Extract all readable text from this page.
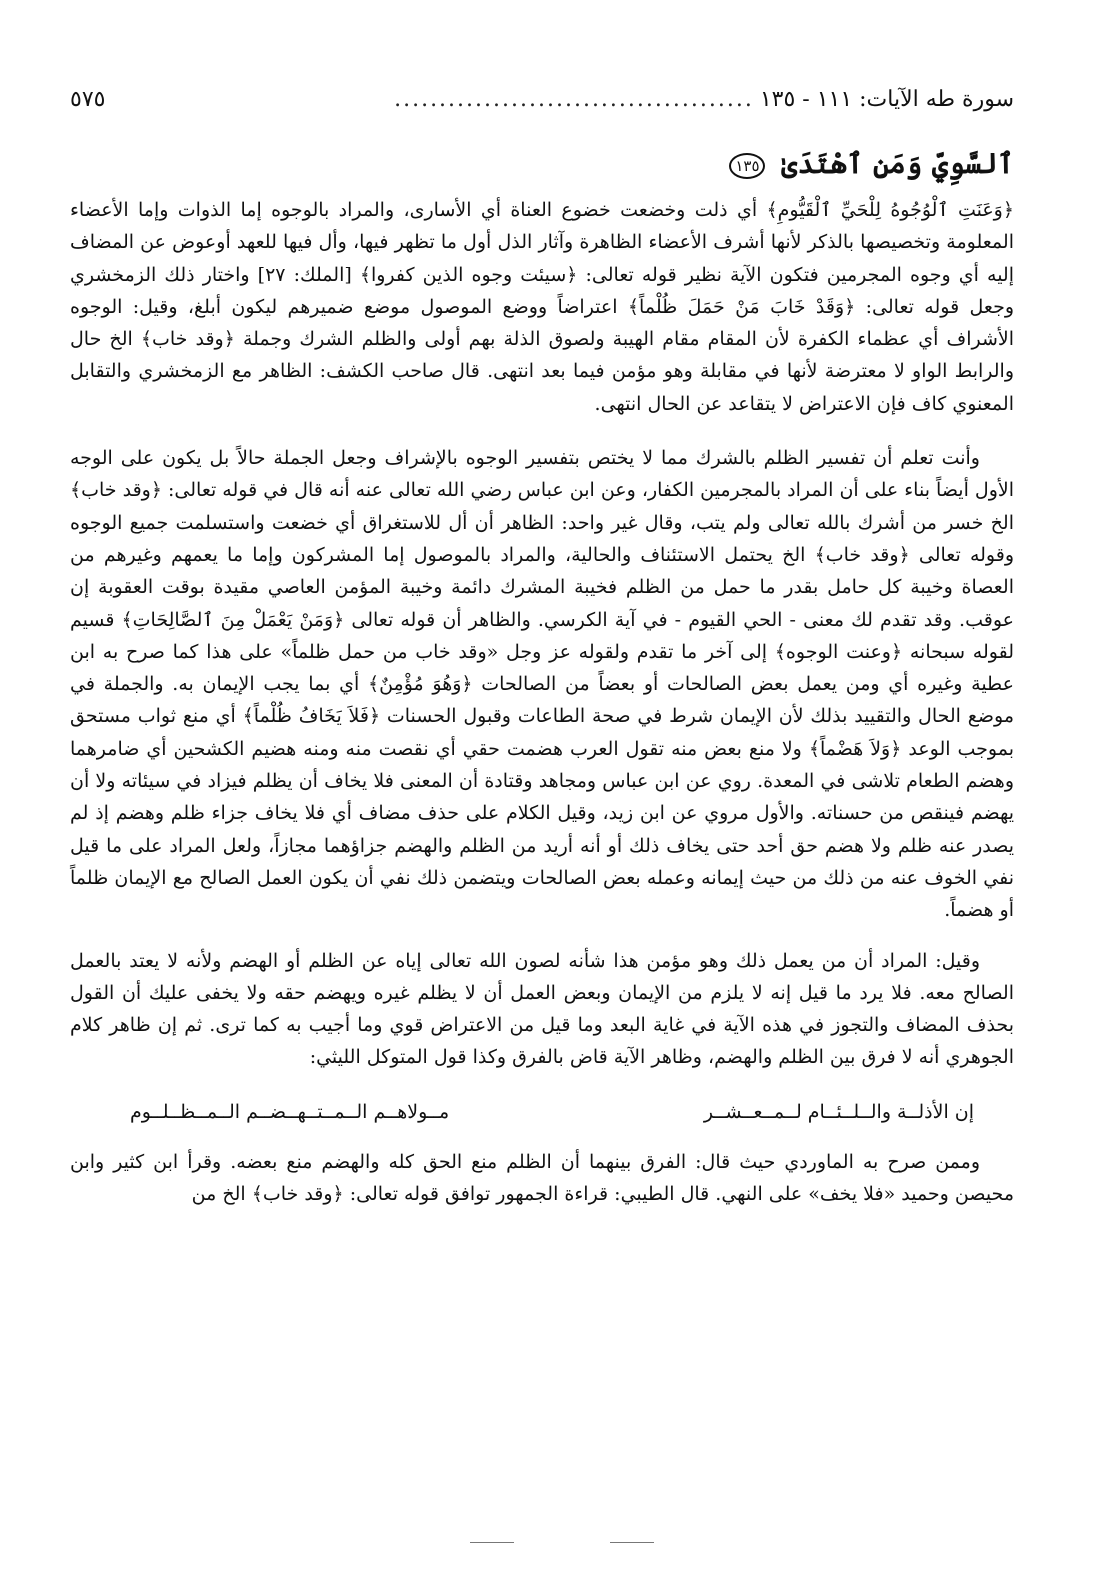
سورة طه الآيات: ١١١ - ١٣٥
........................................
٥٧٥
ٱلسَّوِيِّ وَمَنِ ٱهْتَدَىٰ ١٣٥

﴿وَعَنَتِ ٱلْوُجُوهُ لِلْحَيِّ ٱلْقَيُّومِ﴾ أي ذلت وخضعت خضوع العناة أي الأسارى، والمراد بالوجوه إما الذوات وإما الأعضاء المعلومة وتخصيصها بالذكر لأنها أشرف الأعضاء الظاهرة وآثار الذل أول ما تظهر فيها، وأل فيها للعهد أوعوض عن المضاف إليه أي وجوه المجرمين فتكون الآية نظير قوله تعالى: ﴿سيئت وجوه الذين كفروا﴾ [الملك: ٢٧] واختار ذلك الزمخشري وجعل قوله تعالى: ﴿وَقَدْ خَابَ مَنْ حَمَلَ ظُلْماً﴾ اعتراضاً ووضع الموصول موضع ضميرهم ليكون أبلغ، وقيل: الوجوه الأشراف أي عظماء الكفرة لأن المقام مقام الهيبة ولصوق الذلة بهم أولى والظلم الشرك وجملة ﴿وقد خاب﴾ الخ حال والرابط الواو لا معترضة لأنها في مقابلة وهو مؤمن فيما بعد انتهى. قال صاحب الكشف: الظاهر مع الزمخشري والتقابل المعنوي كاف فإن الاعتراض لا يتقاعد عن الحال انتهى.

وأنت تعلم أن تفسير الظلم بالشرك مما لا يختص بتفسير الوجوه بالإشراف وجعل الجملة حالاً بل يكون على الوجه الأول أيضاً بناء على أن المراد بالمجرمين الكفار، وعن ابن عباس رضي الله تعالى عنه أنه قال في قوله تعالى: ﴿وقد خاب﴾ الخ خسر من أشرك بالله تعالى ولم يتب، وقال غير واحد: الظاهر أن أل للاستغراق أي خضعت واستسلمت جميع الوجوه وقوله تعالى ﴿وقد خاب﴾ الخ يحتمل الاستئناف والحالية، والمراد بالموصول إما المشركون وإما ما يعمهم وغيرهم من العصاة وخيبة كل حامل بقدر ما حمل من الظلم فخيبة المشرك دائمة وخيبة المؤمن العاصي مقيدة بوقت العقوبة إن عوقب. وقد تقدم لك معنى - الحي القيوم - في آية الكرسي. والظاهر أن قوله تعالى ﴿وَمَنْ يَعْمَلْ مِنَ ٱلصَّالِحَاتِ﴾ قسيم لقوله سبحانه ﴿وعنت الوجوه﴾ إلى آخر ما تقدم ولقوله عز وجل «وقد خاب من حمل ظلماً» على هذا كما صرح به ابن عطية وغيره أي ومن يعمل بعض الصالحات أو بعضاً من الصالحات ﴿وَهُوَ مُؤْمِنٌ﴾ أي بما يجب الإيمان به. والجملة في موضع الحال والتقييد بذلك لأن الإيمان شرط في صحة الطاعات وقبول الحسنات ﴿فَلاَ يَخَافُ ظُلْماً﴾ أي منع ثواب مستحق بموجب الوعد ﴿وَلاَ هَضْماً﴾ ولا منع بعض منه تقول العرب هضمت حقي أي نقصت منه ومنه هضيم الكشحين أي ضامرهما وهضم الطعام تلاشى في المعدة. روي عن ابن عباس ومجاهد وقتادة أن المعنى فلا يخاف أن يظلم فيزاد في سيئاته ولا أن يهضم فينقص من حسناته. والأول مروي عن ابن زيد، وقيل الكلام على حذف مضاف أي فلا يخاف جزاء ظلم وهضم إذ لم يصدر عنه ظلم ولا هضم حق أحد حتى يخاف ذلك أو أنه أريد من الظلم والهضم جزاؤهما مجازاً، ولعل المراد على ما قيل نفي الخوف عنه من ذلك من حيث إيمانه وعمله بعض الصالحات ويتضمن ذلك نفي أن يكون العمل الصالح مع الإيمان ظلماً أو هضماً.

وقيل: المراد أن من يعمل ذلك وهو مؤمن هذا شأنه لصون الله تعالى إياه عن الظلم أو الهضم ولأنه لا يعتد بالعمل الصالح معه. فلا يرد ما قيل إنه لا يلزم من الإيمان وبعض العمل أن لا يظلم غيره ويهضم حقه ولا يخفى عليك أن القول بحذف المضاف والتجوز في هذه الآية في غاية البعد وما قيل من الاعتراض قوي وما أجيب به كما ترى. ثم إن ظاهر كلام الجوهري أنه لا فرق بين الظلم والهضم، وظاهر الآية قاض بالفرق وكذا قول المتوكل الليثي:

إن الأذلــة والــلــئــام لــمــعــشــر
مــولاهــم الــمــتــهــضــم الــمــظــلــوم

وممن صرح به الماوردي حيث قال: الفرق بينهما أن الظلم منع الحق كله والهضم منع بعضه. وقرأ ابن كثير وابن محيصن وحميد «فلا يخف» على النهي. قال الطيبي: قراءة الجمهور توافق قوله تعالى: ﴿وقد خاب﴾ الخ من
